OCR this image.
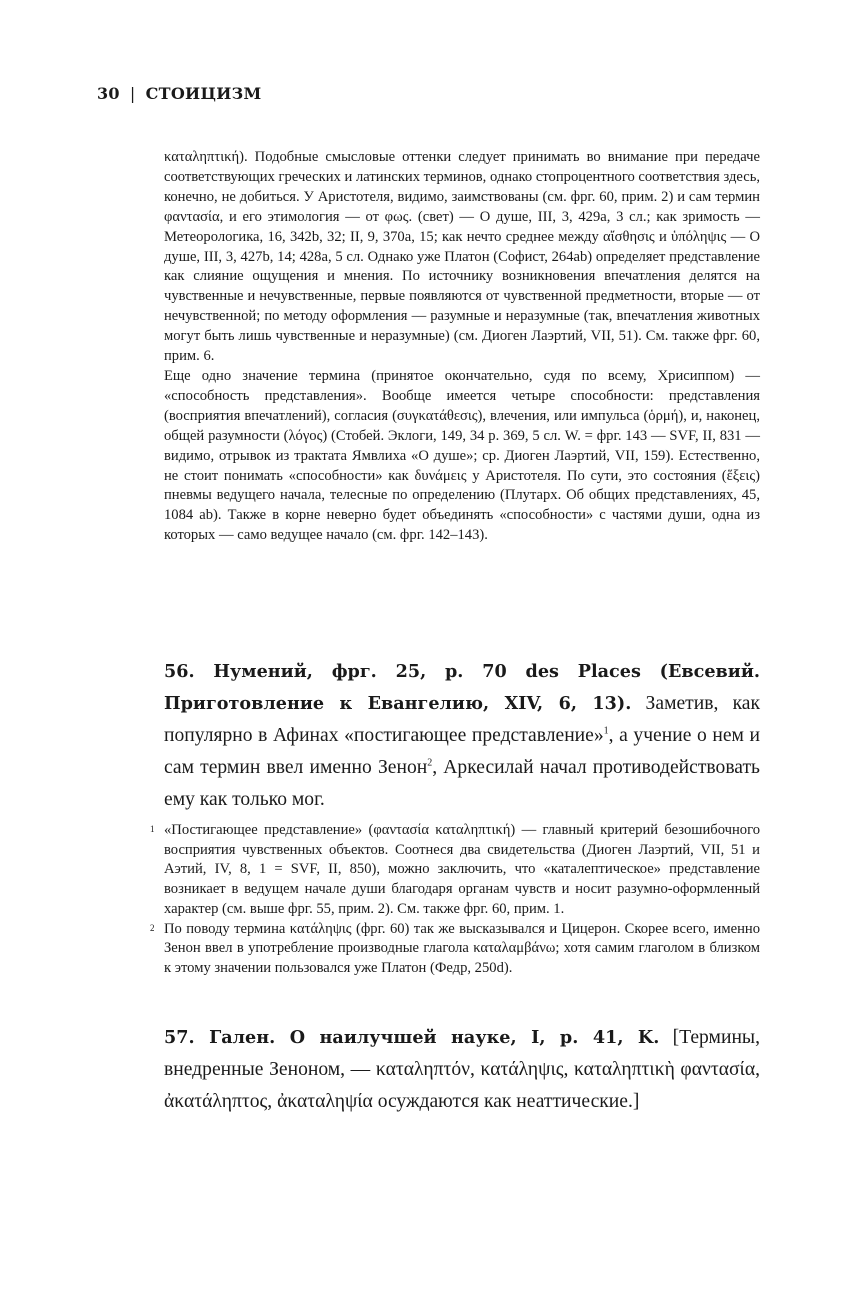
30 | СТОИЦИЗМ

καταληπτική). Подобные смысловые оттенки следует принимать во внимание при передаче соответствующих греческих и латинских терминов, однако стопроцентного соответствия здесь, конечно, не добиться. У Аристотеля, видимо, заимствованы (см. фрг. 60, прим. 2) и сам термин φαντασία, и его этимология — от φως. (свет) — О душе, III, 3, 429a, 3 сл.; как зримость — Метеорологика, 16, 342b, 32; II, 9, 370a, 15; как нечто среднее между αἴσθησις и ὑπόληψις — О душе, III, 3, 427b, 14; 428a, 5 сл. Однако уже Платон (Софист, 264ab) определяет представление как слияние ощущения и мнения. По источнику возникновения впечатления делятся на чувственные и нечувственные, первые появляются от чувственной предметности, вторые — от нечувственной; по методу оформления — разумные и неразумные (так, впечатления животных могут быть лишь чувственные и неразумные) (см. Диоген Лаэртий, VII, 51). См. также фрг. 60, прим. 6.

Еще одно значение термина (принятое окончательно, судя по всему, Хрисиппом) — «способность представления». Вообще имеется четыре способности: представления (восприятия впечатлений), согласия (συγκατάθεσις), влечения, или импульса (ὁρμή), и, наконец, общей разумности (λόγος) (Стобей. Эклоги, 149, 34 p. 369, 5 сл. W. = фрг. 143 — SVF, II, 831 — видимо, отрывок из трактата Ямвлиха «О душе»; ср. Диоген Лаэртий, VII, 159). Естественно, не стоит понимать «способности» как δυνάμεις у Аристотеля. По сути, это состояния (ἕξεις) пневмы ведущего начала, телесные по определению (Плутарх. Об общих представлениях, 45, 1084 ab). Также в корне неверно будет объединять «способности» с частями души, одна из которых — само ведущее начало (см. фрг. 142–143).

56. Нумений, фрг. 25, p. 70 des Places (Евсевий. Приготовление к Евангелию, XIV, 6, 13). Заметив, как популярно в Афинах «постигающее представление»$^1$, а учение о нем и сам термин ввел именно Зенон$^2$, Аркесилай начал противодействовать ему как только мог.

1 «Постигающее представление» (φαντασία καταληπτική) — главный критерий безошибочного восприятия чувственных объектов. Соотнеся два свидетельства (Диоген Лаэртий, VII, 51 и Аэтий, IV, 8, 1 = SVF, II, 850), можно заключить, что «каталептическое» представление возникает в ведущем начале души благодаря органам чувств и носит разумно-оформленный характер (см. выше фрг. 55, прим. 2). См. также фрг. 60, прим. 1.

2 По поводу термина κατάληψις (фрг. 60) так же высказывался и Цицерон. Скорее всего, именно Зенон ввел в употребление производные глагола καταλαμβάνω; хотя самим глаголом в близком к этому значении пользовался уже Платон (Федр, 250d).

57. Гален. О наилучшей науке, I, p. 41, K. [Термины, внедренные Зеноном, — καταληπτόν, κατάληψις, καταληπτικὴ φαντασία, ἀκατάληπτος, ἀκαταληψία осуждаются как неаттические.]
